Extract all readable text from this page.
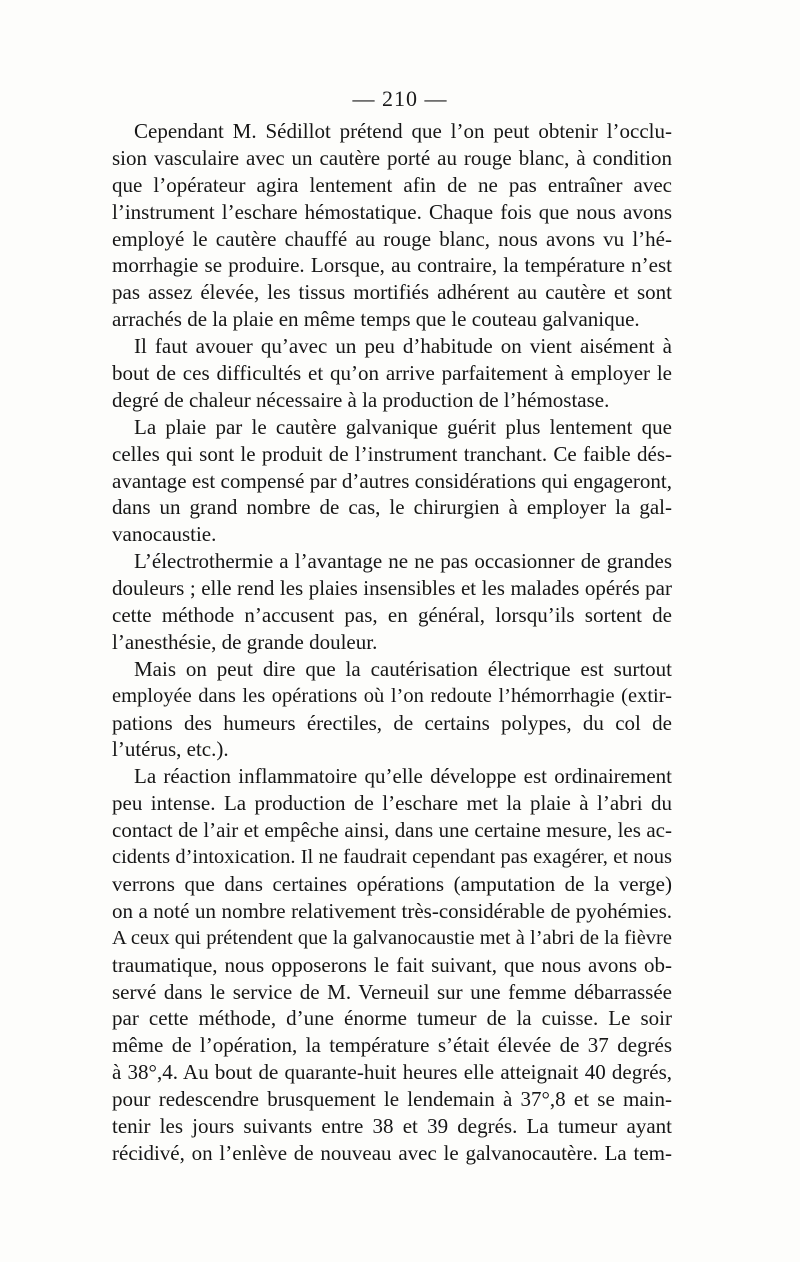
— 210 —
Cependant M. Sédillot prétend que l’on peut obtenir l’occlu-
sion vasculaire avec un cautère porté au rouge blanc, à condition
que l’opérateur agira lentement afin de ne pas entraîner avec
l’instrument l’eschare hémostatique. Chaque fois que nous avons
employé le cautère chauffé au rouge blanc, nous avons vu l’hé-
morrhagie se produire. Lorsque, au contraire, la température n’est
pas assez élevée, les tissus mortifiés adhérent au cautère et sont
arrachés de la plaie en même temps que le couteau galvanique.
Il faut avouer qu’avec un peu d’habitude on vient aisément à
bout de ces difficultés et qu’on arrive parfaitement à employer le
degré de chaleur nécessaire à la production de l’hémostase.
La plaie par le cautère galvanique guérit plus lentement que
celles qui sont le produit de l’instrument tranchant. Ce faible dés-
avantage est compensé par d’autres considérations qui engageront,
dans un grand nombre de cas, le chirurgien à employer la gal-
vanocaustie.
L’électrothermie a l’avantage ne ne pas occasionner de grandes
douleurs ; elle rend les plaies insensibles et les malades opérés par
cette méthode n’accusent pas, en général, lorsqu’ils sortent de
l’anesthésie, de grande douleur.
Mais on peut dire que la cautérisation électrique est surtout
employée dans les opérations où l’on redoute l’hémorrhagie (extir-
pations des humeurs érectiles, de certains polypes, du col de
l’utérus, etc.).
La réaction inflammatoire qu’elle développe est ordinairement
peu intense. La production de l’eschare met la plaie à l’abri du
contact de l’air et empêche ainsi, dans une certaine mesure, les ac-
cidents d’intoxication. Il ne faudrait cependant pas exagérer, et nous
verrons que dans certaines opérations (amputation de la verge)
on a noté un nombre relativement très-considérable de pyohémies.
A ceux qui prétendent que la galvanocaustie met à l’abri de la fièvre
traumatique, nous opposerons le fait suivant, que nous avons ob-
servé dans le service de M. Verneuil sur une femme débarrassée
par cette méthode, d’une énorme tumeur de la cuisse. Le soir
même de l’opération, la température s’était élevée de 37 degrés
à 38°,4. Au bout de quarante-huit heures elle atteignait 40 degrés,
pour redescendre brusquement le lendemain à 37°,8 et se main-
tenir les jours suivants entre 38 et 39 degrés. La tumeur ayant
récidivé, on l’enlève de nouveau avec le galvanocautère. La tem-
